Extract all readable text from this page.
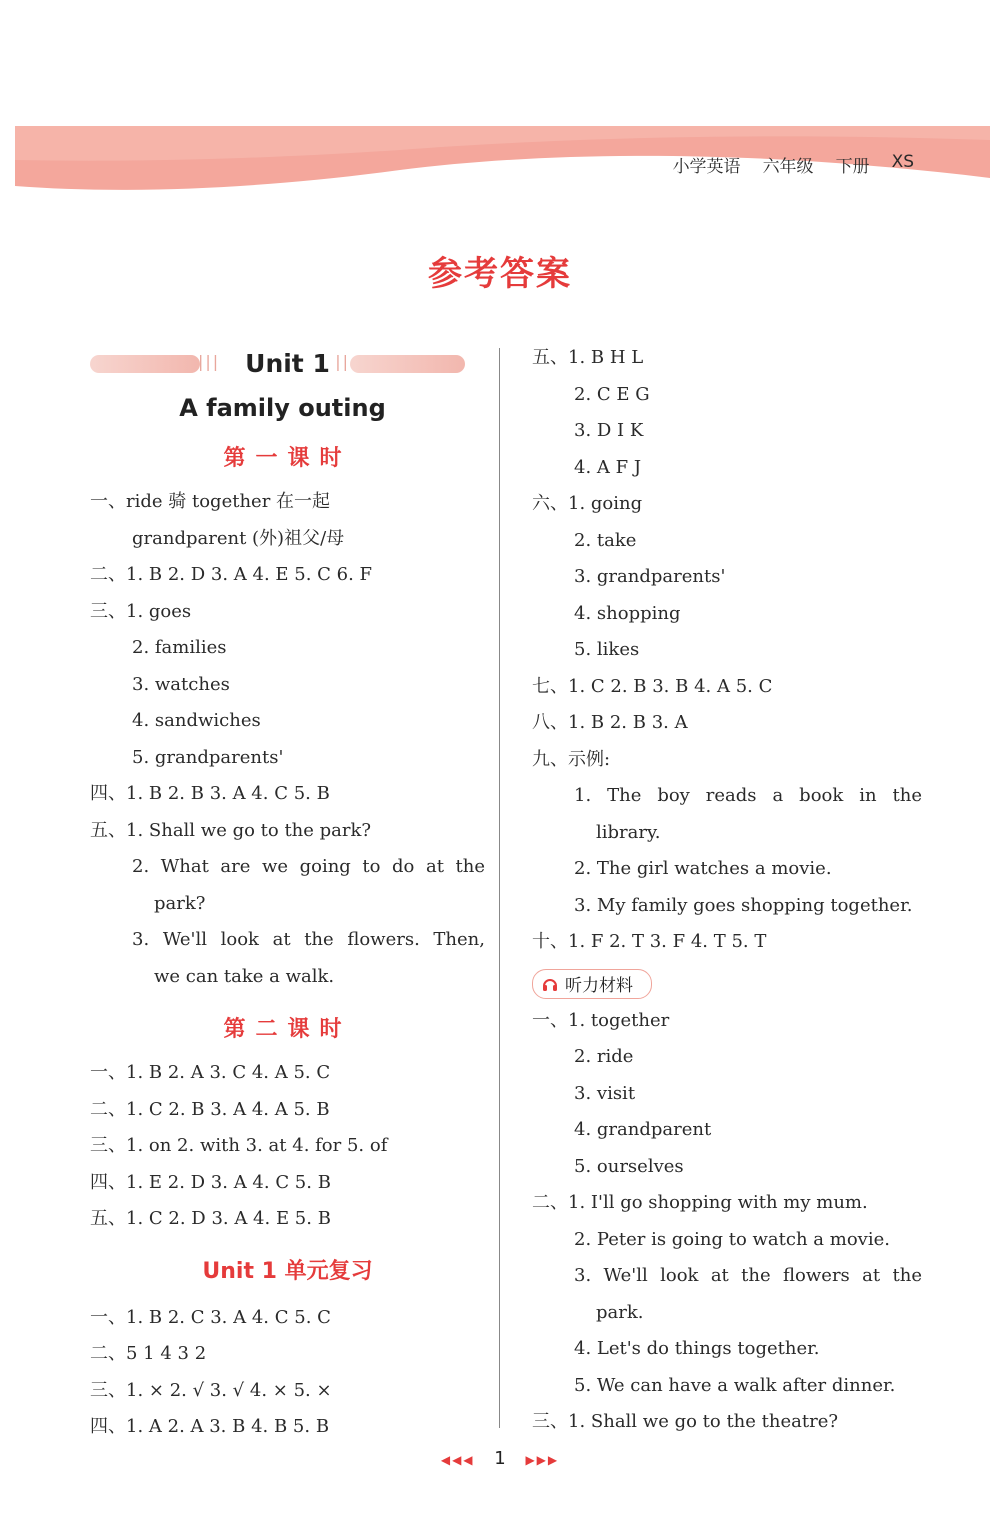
小学英语 六年级 下册 XS
参考答案
||| Unit 1 ||
A family outing
第一课时
一、ride 骑 together 在一起
grandparent (外)祖父/母
二、1. B 2. D 3. A 4. E 5. C 6. F
三、1. goes
2. families
3. watches
4. sandwiches
5. grandparents'
四、1. B 2. B 3. A 4. C 5. B
五、1. Shall we go to the park?
2. What are we going to do at the
park?
3. We'll look at the flowers. Then,
we can take a walk.
第二课时
一、1. B 2. A 3. C 4. A 5. C
二、1. C 2. B 3. A 4. A 5. B
三、1. on 2. with 3. at 4. for 5. of
四、1. E 2. D 3. A 4. C 5. B
五、1. C 2. D 3. A 4. E 5. B
Unit 1 单元复习
一、1. B 2. C 3. A 4. C 5. C
二、5 1 4 3 2
三、1. × 2. √ 3. √ 4. × 5. ×
四、1. A 2. A 3. B 4. B 5. B
五、1. B H L
2. C E G
3. D I K
4. A F J
六、1. going
2. take
3. grandparents'
4. shopping
5. likes
七、1. C 2. B 3. B 4. A 5. C
八、1. B 2. B 3. A
九、示例:
1. The boy reads a book in the
library.
2. The girl watches a movie.
3. My family goes shopping together.
十、1. F 2. T 3. F 4. T 5. T
听力材料
一、1. together
2. ride
3. visit
4. grandparent
5. ourselves
二、1. I'll go shopping with my mum.
2. Peter is going to watch a movie.
3. We'll look at the flowers at the
park.
4. Let's do things together.
5. We can have a walk after dinner.
三、1. Shall we go to the theatre?
◀◀◀ 1 ▶▶▶
